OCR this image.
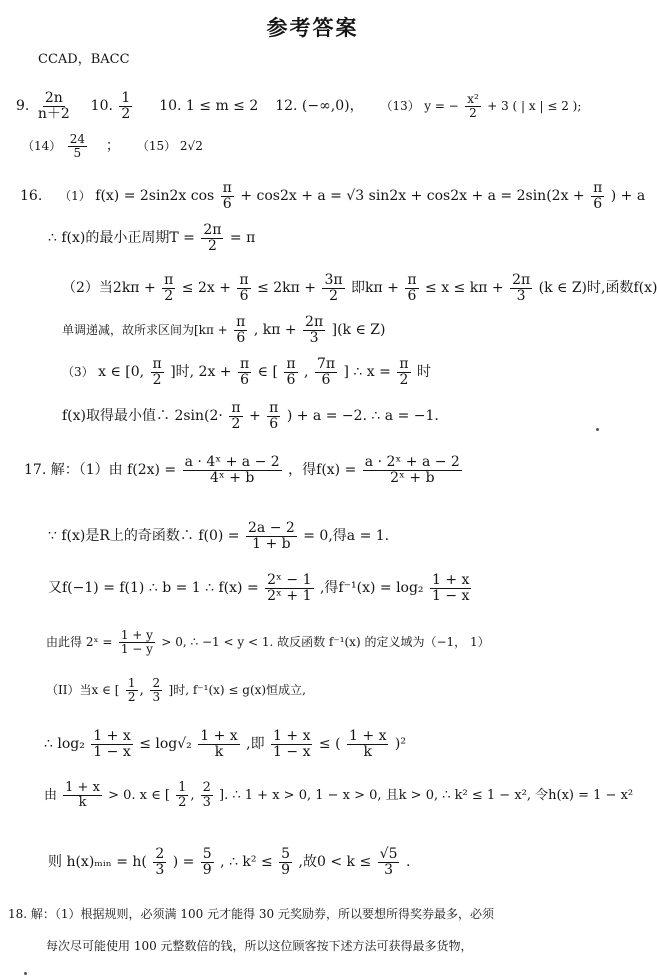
参考答案
CCAD，BACC
9. $\frac{2n}{n+2} 10$. $\frac{1}{2} 10$. 1 ≤ m ≤ 2 12. (−∞,0)， （13） y = − $\frac{\text{x²}}{2} + 3$ ( | x | ≤ 2 );
$(14) \frac{24}{5}$ ； （15） 2√2
16. （1） f(x) = 2sin2x $\cos \frac{\pi}{6} + \cos 2x + a = √3$ $\sin 2x + \cos 2x + a = 2\sin(2x + \frac{\pi}{6}$ ) + a
∴ f(x)的最小正周期$T = \frac{2\pi}{2} = \pi$
（2）当$2k\pi + \frac{\pi}{2} \le 2x + \frac{\pi}{6} \le 2k\pi + \frac{3\pi}{2}$ 即$k\pi + \frac{\pi}{6} \le x \le k\pi + \frac{2\pi}{3} (k$ ∈ Z)时,函数f(x)
单调递减，故所求区间为[$k\pi + \frac{\pi}{6}$ , $k\pi + \frac{2\pi}{3} ](k$ ∈ Z)
（3） x ∈ [0, $\frac{\pi}{2}$ ]时, $2x + \frac{\pi}{6}$ ∈ [ $\frac{\pi}{6}$ , $\frac{7\pi}{6}$ ] ∴ $x = \frac{\pi}{2}$ 时
f(x)取得最小值∴ $2\sin(2\cdot \frac{\pi}{2} + \frac{\pi}{6}$ ) + a = −2. ∴ a = −1.
17. 解：（1）由 $f(2x) = \frac{\text{a · 4ˣ + a − 2}}{\text{4ˣ + b}}$ ，得$f(x) = \frac{\text{a · 2ˣ + a − 2}}{\text{2ˣ + b}}$
∵ f(x)是R上的奇函数∴ $f(0) = \frac{2a - 2}{1 + b} = 0$,得a = 1.
又f(−1) = f(1) ∴ b = 1 ∴ $f(x) = \frac{\text{2ˣ − 1}}{\text{2ˣ + 1}}$ ,得$f^{-1}(x) = \log_2 \frac{1 + x}{1 - x}$
由此得 2ˣ = $\frac{1 + y}{1 - y} > 0$, ∴ −1 < y < 1. 故反函数 f⁻¹(x) 的定义域为（−1， 1）
（II）当x ∈ [ $\frac{1}{2}$ , $\frac{2}{3}$ ]时, f⁻¹(x) ≤ g(x)恒成立,
∴ $\log_2 \frac{1 + x}{1 - x} \le \log√_2 \frac{1 + x}{k}$ ,即 $\frac{1 + x}{1 - x}$ ≤ ( $\frac{1 + x}{k} )^2$
由 $\frac{1 + x}{k} > 0$. x ∈ [ $\frac{1}{2}$ , $\frac{2}{3}$ ]. ∴ 1 + x > 0, 1 − x > 0, 且k > 0, ∴ k² ≤ 1 − x², 令h(x) = 1 − x²
则 h(x)ₘᵢₙ = $h( \frac{2}{3}$ ) = $\frac{5}{9}$ , ∴ $k^2 \le \frac{5}{9}$ ,故$0 < k \le \frac{√5}{3}$ .
18. 解：（1）根据规则，必须满 100 元才能得 30 元奖励券，所以要想所得奖券最多，必须
每次尽可能使用 100 元整数倍的钱，所以这位顾客按下述方法可获得最多货物，
